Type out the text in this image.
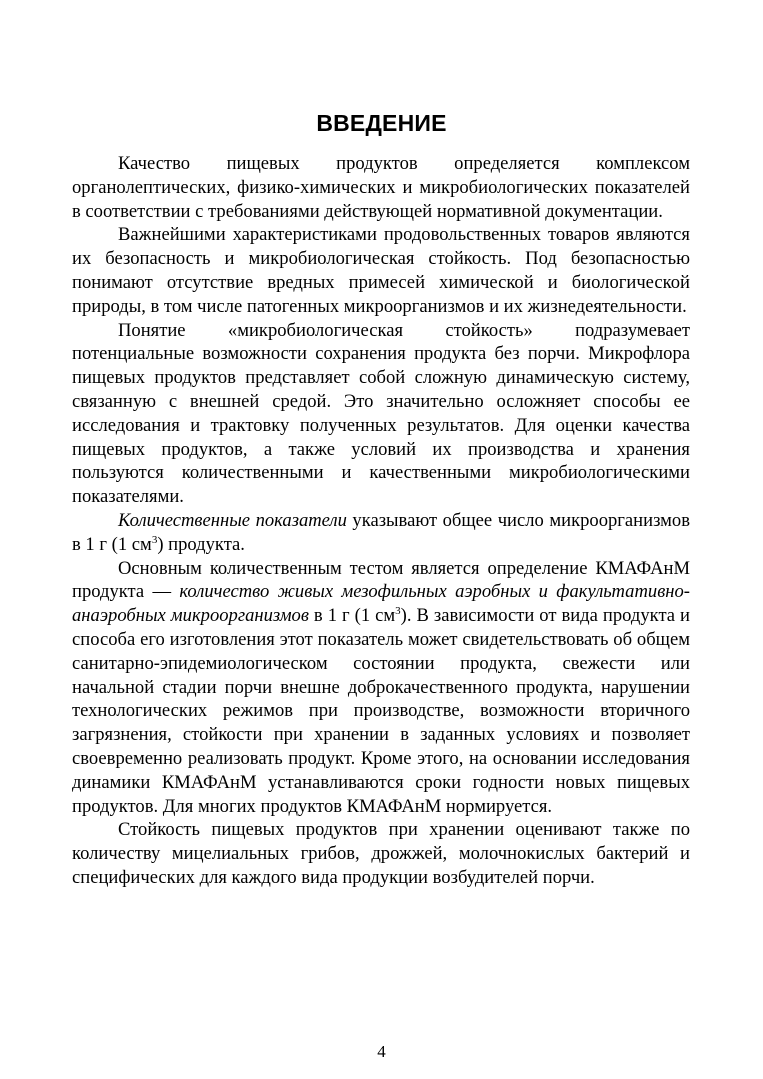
ВВЕДЕНИЕ

Качество пищевых продуктов определяется комплексом органолептических, физико-химических и микробиологических показателей в соответствии с требованиями действующей нормативной документации.

Важнейшими характеристиками продовольственных товаров являются их безопасность и микробиологическая стойкость. Под безопасностью понимают отсутствие вредных примесей химической и биологической природы, в том числе патогенных микроорганизмов и их жизнедеятельности.

Понятие «микробиологическая стойкость» подразумевает потенциальные возможности сохранения продукта без порчи. Микрофлора пищевых продуктов представляет собой сложную динамическую систему, связанную с внешней средой. Это значительно осложняет способы ее исследования и трактовку полученных результатов. Для оценки качества пищевых продуктов, а также условий их производства и хранения пользуются количественными и качественными микробиологическими показателями.

Количественные показатели указывают общее число микроорганизмов в 1 г (1 $см^3$) продукта.

Основным количественным тестом является определение КМАФАнМ продукта — количество живых мезофильных аэробных и факультативно-анаэробных микроорганизмов в 1 г (1 $см^3$). В зависимости от вида продукта и способа его изготовления этот показатель может свидетельствовать об общем санитарно-эпидемиологическом состоянии продукта, свежести или начальной стадии порчи внешне доброкачественного продукта, нарушении технологических режимов при производстве, возможности вторичного загрязнения, стойкости при хранении в заданных условиях и позволяет своевременно реализовать продукт. Кроме этого, на основании исследования динамики КМАФАнМ устанавливаются сроки годности новых пищевых продуктов. Для многих продуктов КМАФАнМ нормируется.

Стойкость пищевых продуктов при хранении оценивают также по количеству мицелиальных грибов, дрожжей, молочнокислых бактерий и специфических для каждого вида продукции возбудителей порчи.

4
